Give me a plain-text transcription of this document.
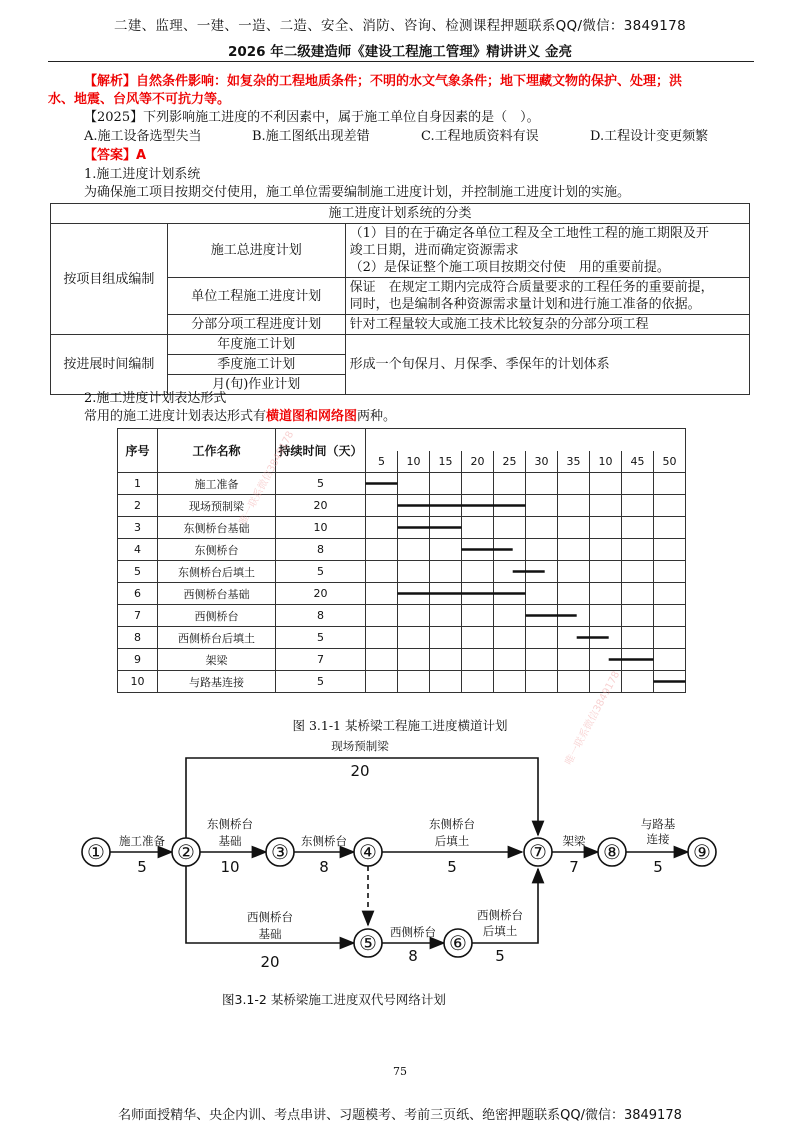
二建、监理、一建、一造、二造、安全、消防、咨询、检测课程押题联系QQ/微信：3849178
2026 年二级建造师《建设工程施工管理》精讲讲义 金亮
【解析】自然条件影响：如复杂的工程地质条件；不明的水文气象条件；地下埋藏文物的保护、处理；洪
水、地震、台风等不可抗力等。
【2025】下列影响施工进度的不利因素中，属于施工单位自身因素的是（　）。
A.施工设备选型失当	B.施工图纸出现差错	C.工程地质资料有误	D.工程设计变更频繁
【答案】A
1.施工进度计划系统
为确保施工项目按期交付使用，施工单位需要编制施工进度计划，并控制施工进度计划的实施。
施工进度计划系统的分类		
按项目组成编制	施工总进度计划	（1）目的在于确定各单位工程及全工地性工程的施工期限及开
竣工日期，进而确定资源需求
（2）是保证整个施工项目按期交付使　用的重要前提。

	单位工程施工进度计划	保证　在规定工期内完成符合质量要求的工程任务的重要前提，
同时，也是编制各种资源需求量计划和进行施工准备的依据。

	分部分项工程进度计划	针对工程量较大或施工技术比较复杂的分部分项工程
按进展时间编制	年度施工计划	形成一个旬保月、月保季、季保年的计划体系
	季度施工计划	
	月(旬)作业计划	
2.施工进度计划表达形式
常用的施工进度计划表达形式有横道图和网络图两种。
序号	工作名称	持续时间（天）										
			5	10	15	20	25	30	35	10	45	50
1	施工准备	5										
2	现场预制梁	20										
3	东侧桥台基础	10										
4	东侧桥台	8										
5	东侧桥台后填土	5										
6	西侧桥台基础	20										
7	西侧桥台	8										
8	西侧桥台后填土	5										
9	架梁	7										
10	与路基连接	5										
图 3.1-1 某桥梁工程施工进度横道计划
①	②	③	④
⑤	⑥
⑦	⑧	⑨
施工准备
5
东侧桥台
基础
10
东侧桥台
8
东侧桥台
后填土
5
现场预制梁
20
西侧桥台
基础
20
西侧桥台
8
西侧桥台
后填土
5
架梁
7
与路基
连接
5
图3.1-2 某桥梁施工进度双代号网络计划
唯一联系微信3849178
唯一联系微信3849178
75
名师面授精华、央企内训、考点串讲、习题模考、考前三页纸、绝密押题联系QQ/微信：3849178
